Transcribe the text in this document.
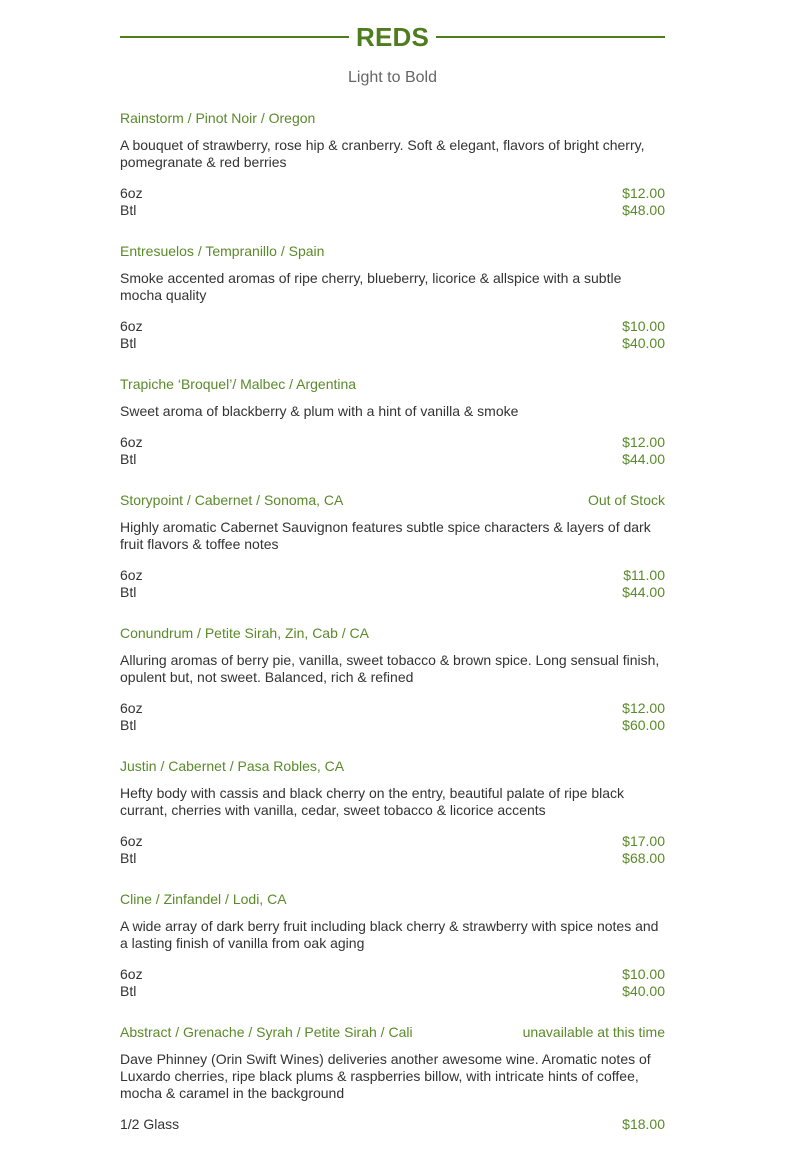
REDS
Light to Bold
Rainstorm / Pinot Noir / Oregon
A bouquet of strawberry, rose hip & cranberry. Soft & elegant, flavors of bright cherry, pomegranate & red berries
6oz	$12.00
Btl	$48.00
Entresuelos / Tempranillo / Spain
Smoke accented aromas of ripe cherry, blueberry, licorice & allspice with a subtle mocha quality
6oz	$10.00
Btl	$40.00
Trapiche ‘Broquel’/ Malbec / Argentina
Sweet aroma of blackberry & plum with a hint of vanilla & smoke
6oz	$12.00
Btl	$44.00
Storypoint / Cabernet / Sonoma, CA	Out of Stock
Highly aromatic Cabernet Sauvignon features subtle spice characters & layers of dark fruit flavors & toffee notes
6oz	$11.00
Btl	$44.00
Conundrum / Petite Sirah, Zin, Cab / CA
Alluring aromas of berry pie, vanilla, sweet tobacco & brown spice. Long sensual finish, opulent but, not sweet. Balanced, rich & refined
6oz	$12.00
Btl	$60.00
Justin / Cabernet / Pasa Robles, CA
Hefty body with cassis and black cherry on the entry, beautiful palate of ripe black currant, cherries with vanilla, cedar, sweet tobacco & licorice accents
6oz	$17.00
Btl	$68.00
Cline / Zinfandel / Lodi, CA
A wide array of dark berry fruit including black cherry & strawberry with spice notes and a lasting finish of vanilla from oak aging
6oz	$10.00
Btl	$40.00
Abstract / Grenache / Syrah / Petite Sirah / Cali	unavailable at this time
Dave Phinney (Orin Swift Wines) deliveries another awesome wine. Aromatic notes of Luxardo cherries, ripe black plums & raspberries billow, with intricate hints of coffee, mocha & caramel in the background
1/2 Glass	$18.00
